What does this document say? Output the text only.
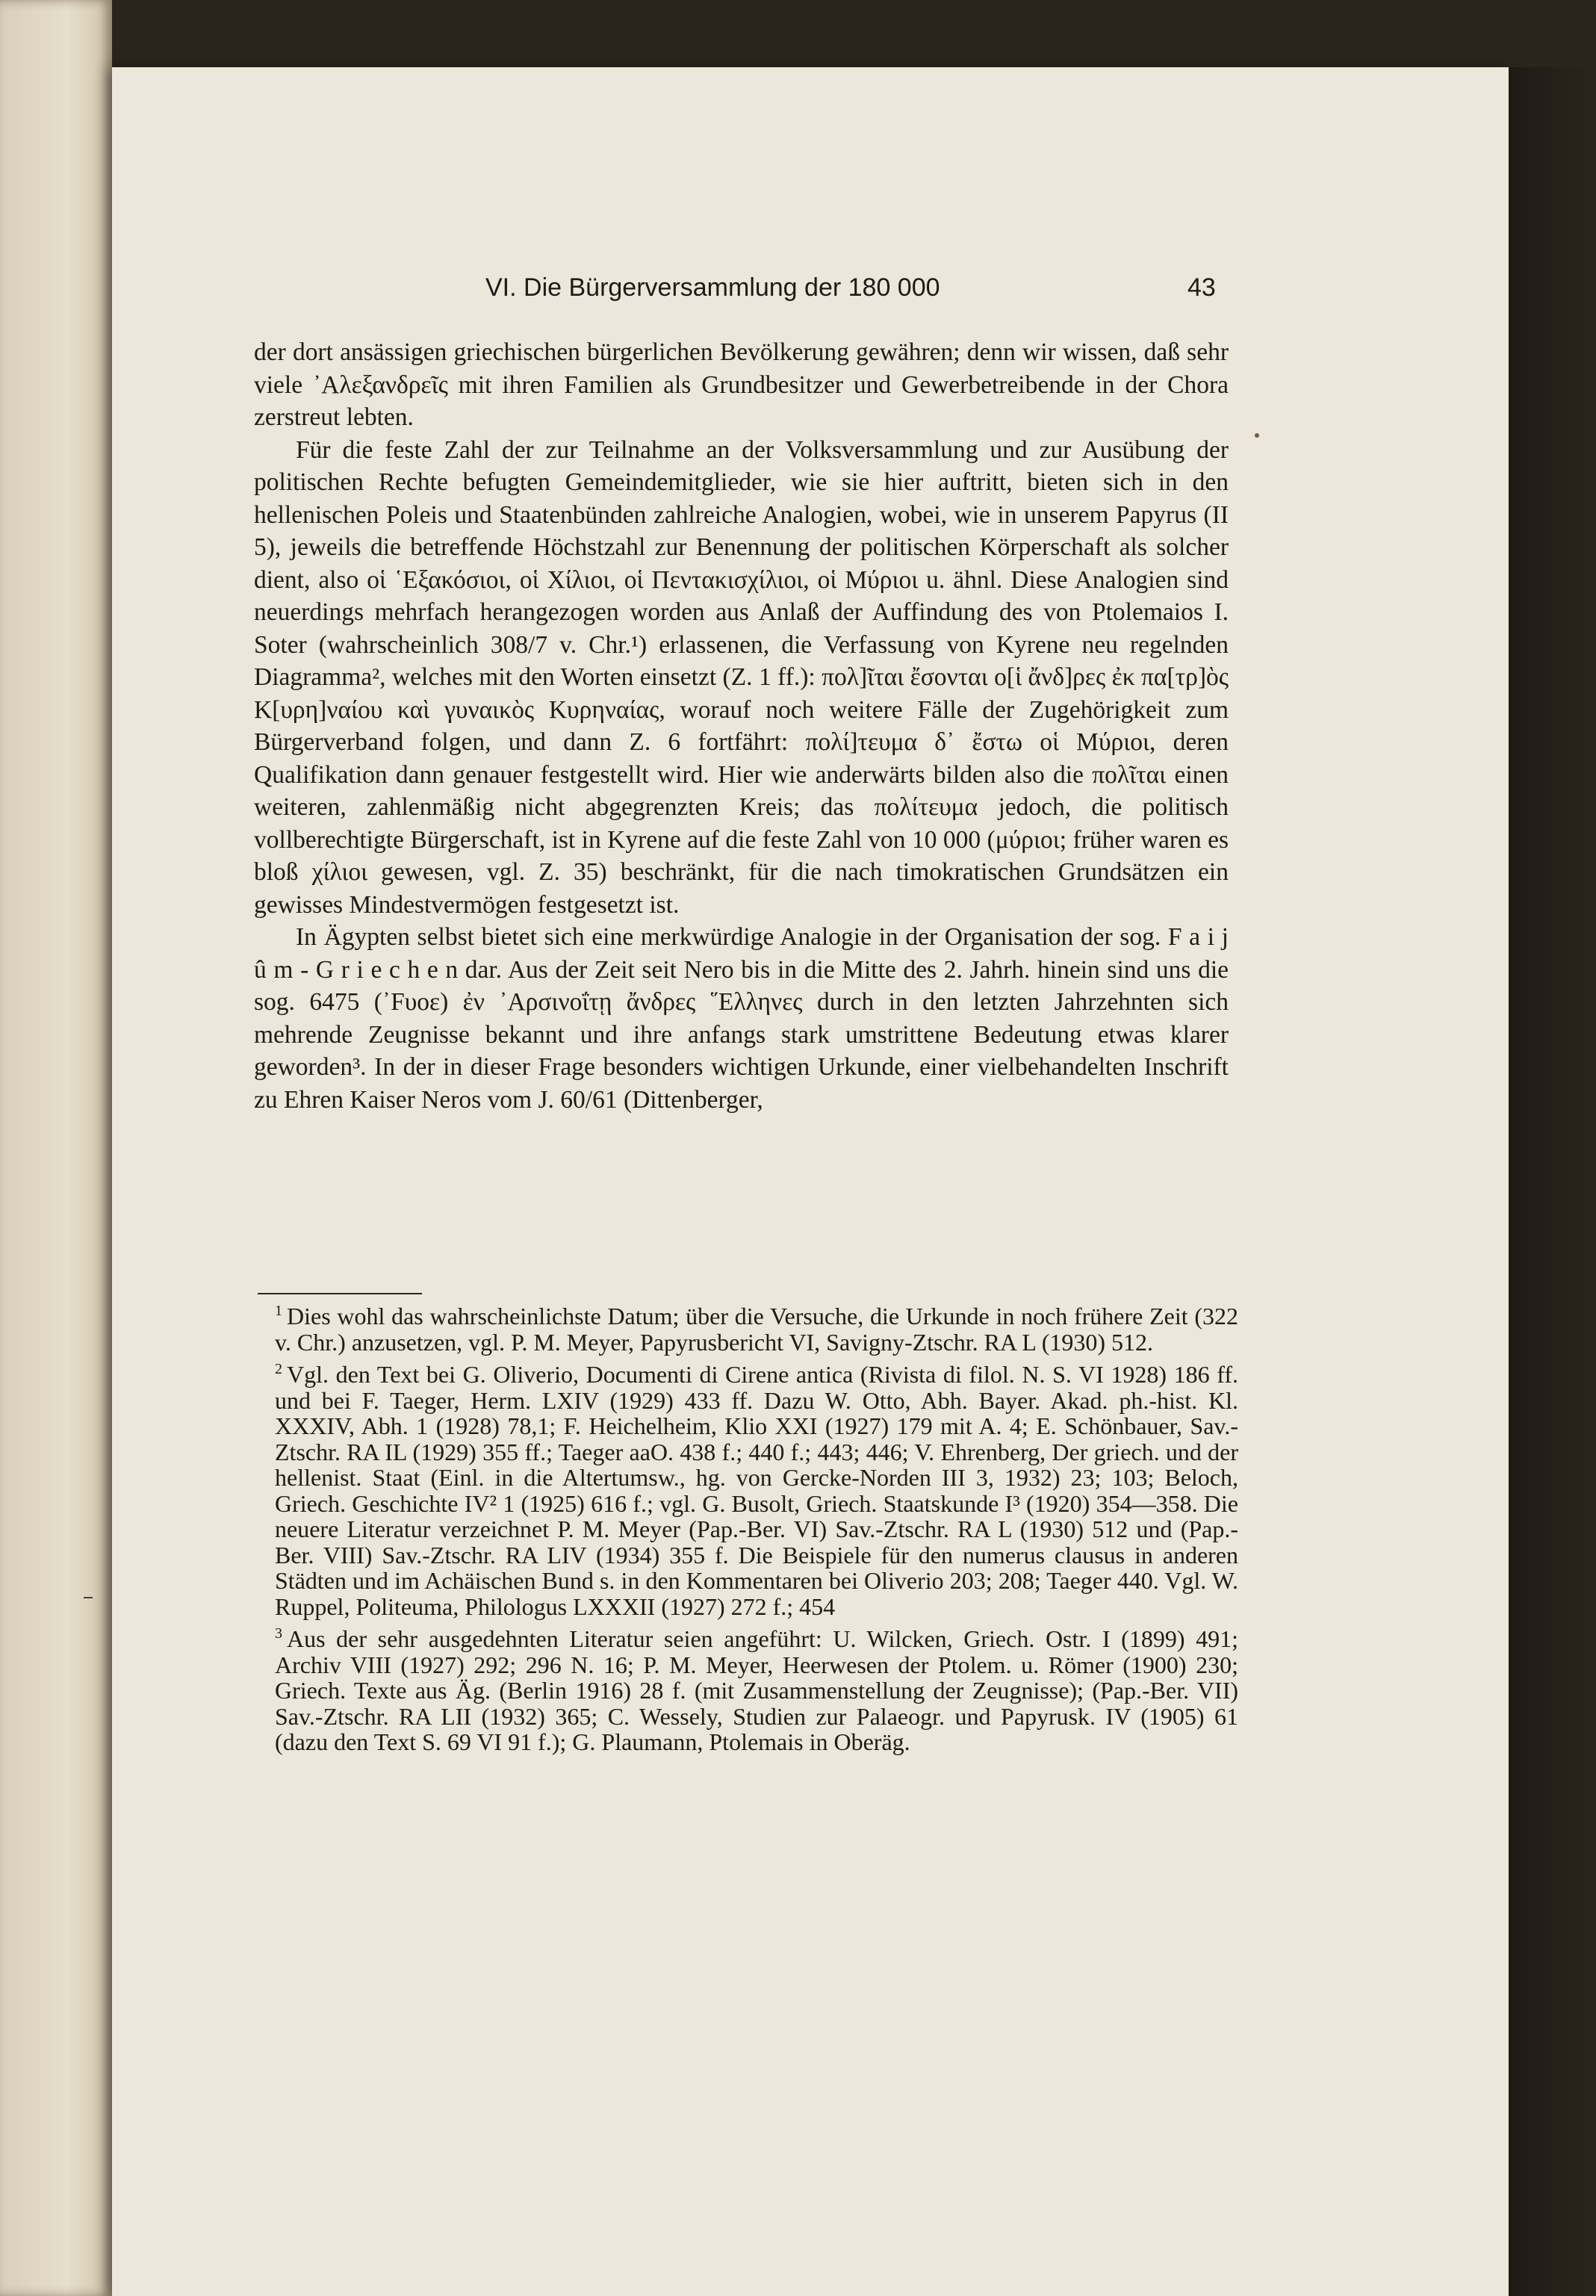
VI. Die Bürgerversammlung der 180 000	43

der dort ansässigen griechischen bürgerlichen Bevölkerung gewähren; denn wir wissen, daß sehr viele ᾿Αλεξανδρεῖς mit ihren Familien als Grundbesitzer und Gewerbetreibende in der Chora zerstreut lebten.

Für die feste Zahl der zur Teilnahme an der Volksversammlung und zur Ausübung der politischen Rechte befugten Gemeindemitglieder, wie sie hier auftritt, bieten sich in den hellenischen Poleis und Staatenbünden zahlreiche Analogien, wobei, wie in unserem Papyrus (II 5), jeweils die betreffende Höchstzahl zur Benennung der politischen Körperschaft als solcher dient, also οἱ ῾Εξακόσιοι, οἱ Χίλιοι, οἱ Πεντακισχίλιοι, οἱ Μύριοι u. ähnl. Diese Analogien sind neuerdings mehrfach herangezogen worden aus Anlaß der Auffindung des von Ptolemaios I. Soter (wahrscheinlich 308/7 v. Chr.¹) erlassenen, die Verfassung von Kyrene neu regelnden Diagramma², welches mit den Worten einsetzt (Z. 1 ff.): πολ]ῖται ἔσονται ο[ἱ ἄνδ]ρες ἐκ πα[τρ]ὸς Κ[υρη]ναίου καὶ γυναικὸς Κυρηναίας, worauf noch weitere Fälle der Zugehörigkeit zum Bürgerverband folgen, und dann Z. 6 fortfährt: πολί]τευμα δ᾿ ἔστω οἱ Μύριοι, deren Qualifikation dann genauer festgestellt wird. Hier wie anderwärts bilden also die πολῖται einen weiteren, zahlenmäßig nicht abgegrenzten Kreis; das πολίτευμα jedoch, die politisch vollberechtigte Bürgerschaft, ist in Kyrene auf die feste Zahl von 10 000 (μύριοι; früher waren es bloß χίλιοι gewesen, vgl. Z. 35) beschränkt, für die nach timokratischen Grundsätzen ein gewisses Mindestvermögen festgesetzt ist.

In Ägypten selbst bietet sich eine merkwürdige Analogie in der Organisation der sog. F a i j û m - G r i e c h e n dar. Aus der Zeit seit Nero bis in die Mitte des 2. Jahrh. hinein sind uns die sog. 6475 (᾿Fυοε) ἐν ᾿Αρσινοΐτῃ ἄνδρες ῞Ελληνες durch in den letzten Jahrzehnten sich mehrende Zeugnisse bekannt und ihre anfangs stark umstrittene Bedeutung etwas klarer geworden³. In der in dieser Frage besonders wichtigen Urkunde, einer vielbehandelten Inschrift zu Ehren Kaiser Neros vom J. 60/61 (Dittenberger,

$^1$ Dies wohl das wahrscheinlichste Datum; über die Versuche, die Urkunde in noch frühere Zeit (322 v. Chr.) anzusetzen, vgl. P. M. Meyer, Papyrusbericht VI, Savigny-Ztschr. RA L (1930) 512.

$^2$ Vgl. den Text bei G. Oliverio, Documenti di Cirene antica (Rivista di filol. N. S. VI 1928) 186 ff. und bei F. Taeger, Herm. LXIV (1929) 433 ff. Dazu W. Otto, Abh. Bayer. Akad. ph.-hist. Kl. XXXIV, Abh. 1 (1928) 78,1; F. Heichelheim, Klio XXI (1927) 179 mit A. 4; E. Schönbauer, Sav.-Ztschr. RA IL (1929) 355 ff.; Taeger aaO. 438 f.; 440 f.; 443; 446; V. Ehrenberg, Der griech. und der hellenist. Staat (Einl. in die Altertumsw., hg. von Gercke-Norden III 3, 1932) 23; 103; Beloch, Griech. Geschichte IV² 1 (1925) 616 f.; vgl. G. Busolt, Griech. Staatskunde I³ (1920) 354—358. Die neuere Literatur verzeichnet P. M. Meyer (Pap.-Ber. VI) Sav.-Ztschr. RA L (1930) 512 und (Pap.-Ber. VIII) Sav.-Ztschr. RA LIV (1934) 355 f. Die Beispiele für den numerus clausus in anderen Städten und im Achäischen Bund s. in den Kommentaren bei Oliverio 203; 208; Taeger 440. Vgl. W. Ruppel, Politeuma, Philologus LXXXII (1927) 272 f.; 454

$^3$ Aus der sehr ausgedehnten Literatur seien angeführt: U. Wilcken, Griech. Ostr. I (1899) 491; Archiv VIII (1927) 292; 296 N. 16; P. M. Meyer, Heerwesen der Ptolem. u. Römer (1900) 230; Griech. Texte aus Äg. (Berlin 1916) 28 f. (mit Zusammenstellung der Zeugnisse); (Pap.-Ber. VII) Sav.-Ztschr. RA LII (1932) 365; C. Wessely, Studien zur Palaeogr. und Papyrusk. IV (1905) 61 (dazu den Text S. 69 VI 91 f.); G. Plaumann, Ptolemais in Oberäg.
